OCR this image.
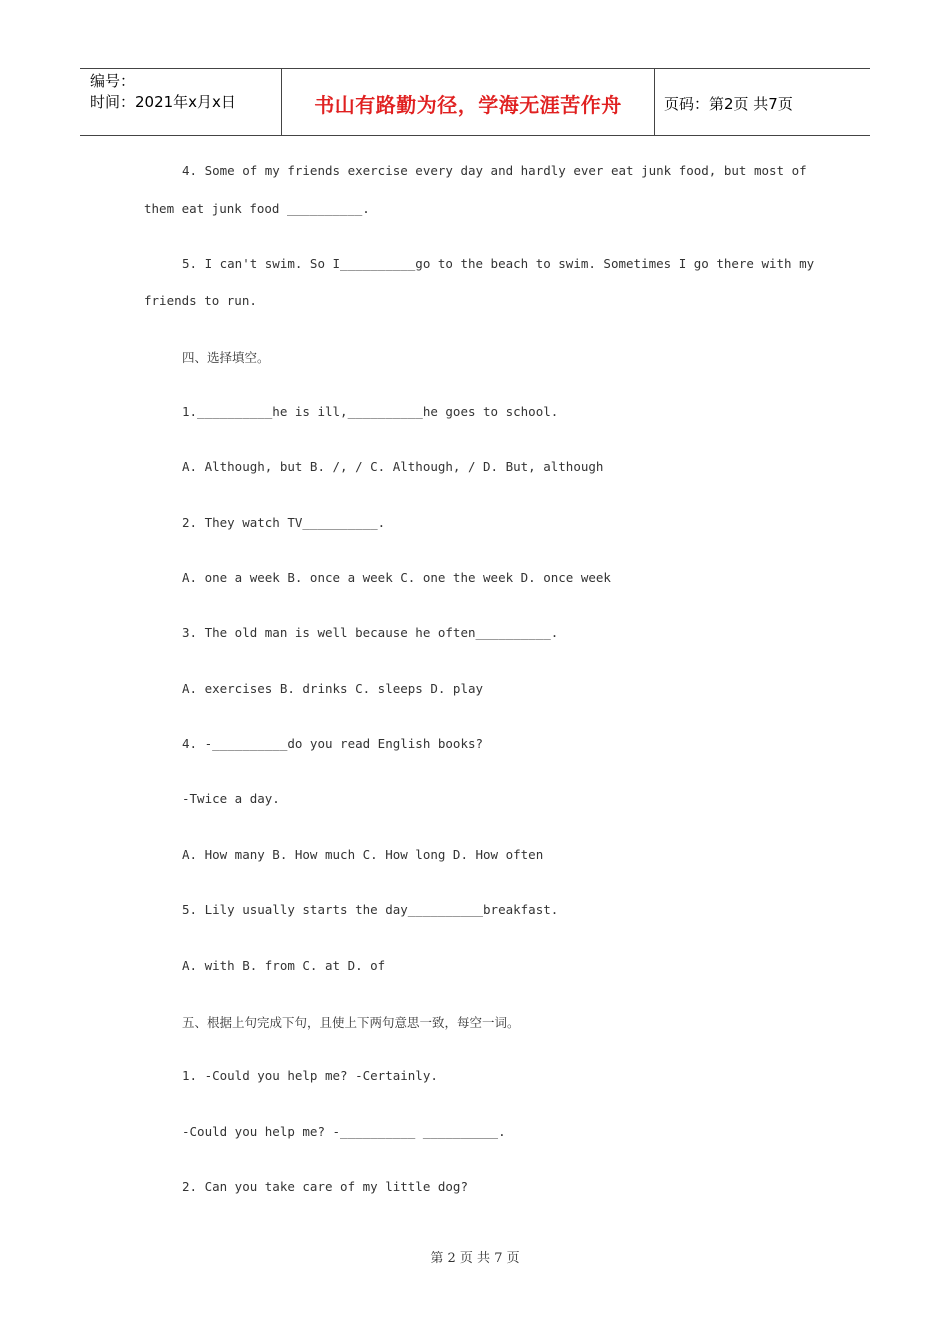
编号：
时间：2021年x月x日	书山有路勤为径，学海无涯苦作舟	页码：第2页 共7页
4. Some of my friends exercise every day and hardly ever eat junk food, but most of
them eat junk food __________.
5. I can't swim. So I__________go to the beach to swim. Sometimes I go there with my
friends to run.
四、选择填空。
1.__________he is ill,__________he goes to school.
A. Although, but B. /, / C. Although, / D. But, although
2. They watch TV__________.
A. one a week B. once a week C. one the week D. once week
3. The old man is well because he often__________.
A. exercises B. drinks C. sleeps D. play
4. -__________do you read English books?
-Twice a day.
A. How many B. How much C. How long D. How often
5. Lily usually starts the day__________breakfast.
A. with B. from C. at D. of
五、根据上句完成下句，且使上下两句意思一致，每空一词。
1. -Could you help me? -Certainly.
-Could you help me? -__________ __________.
2. Can you take care of my little dog?
第 2 页 共 7 页
